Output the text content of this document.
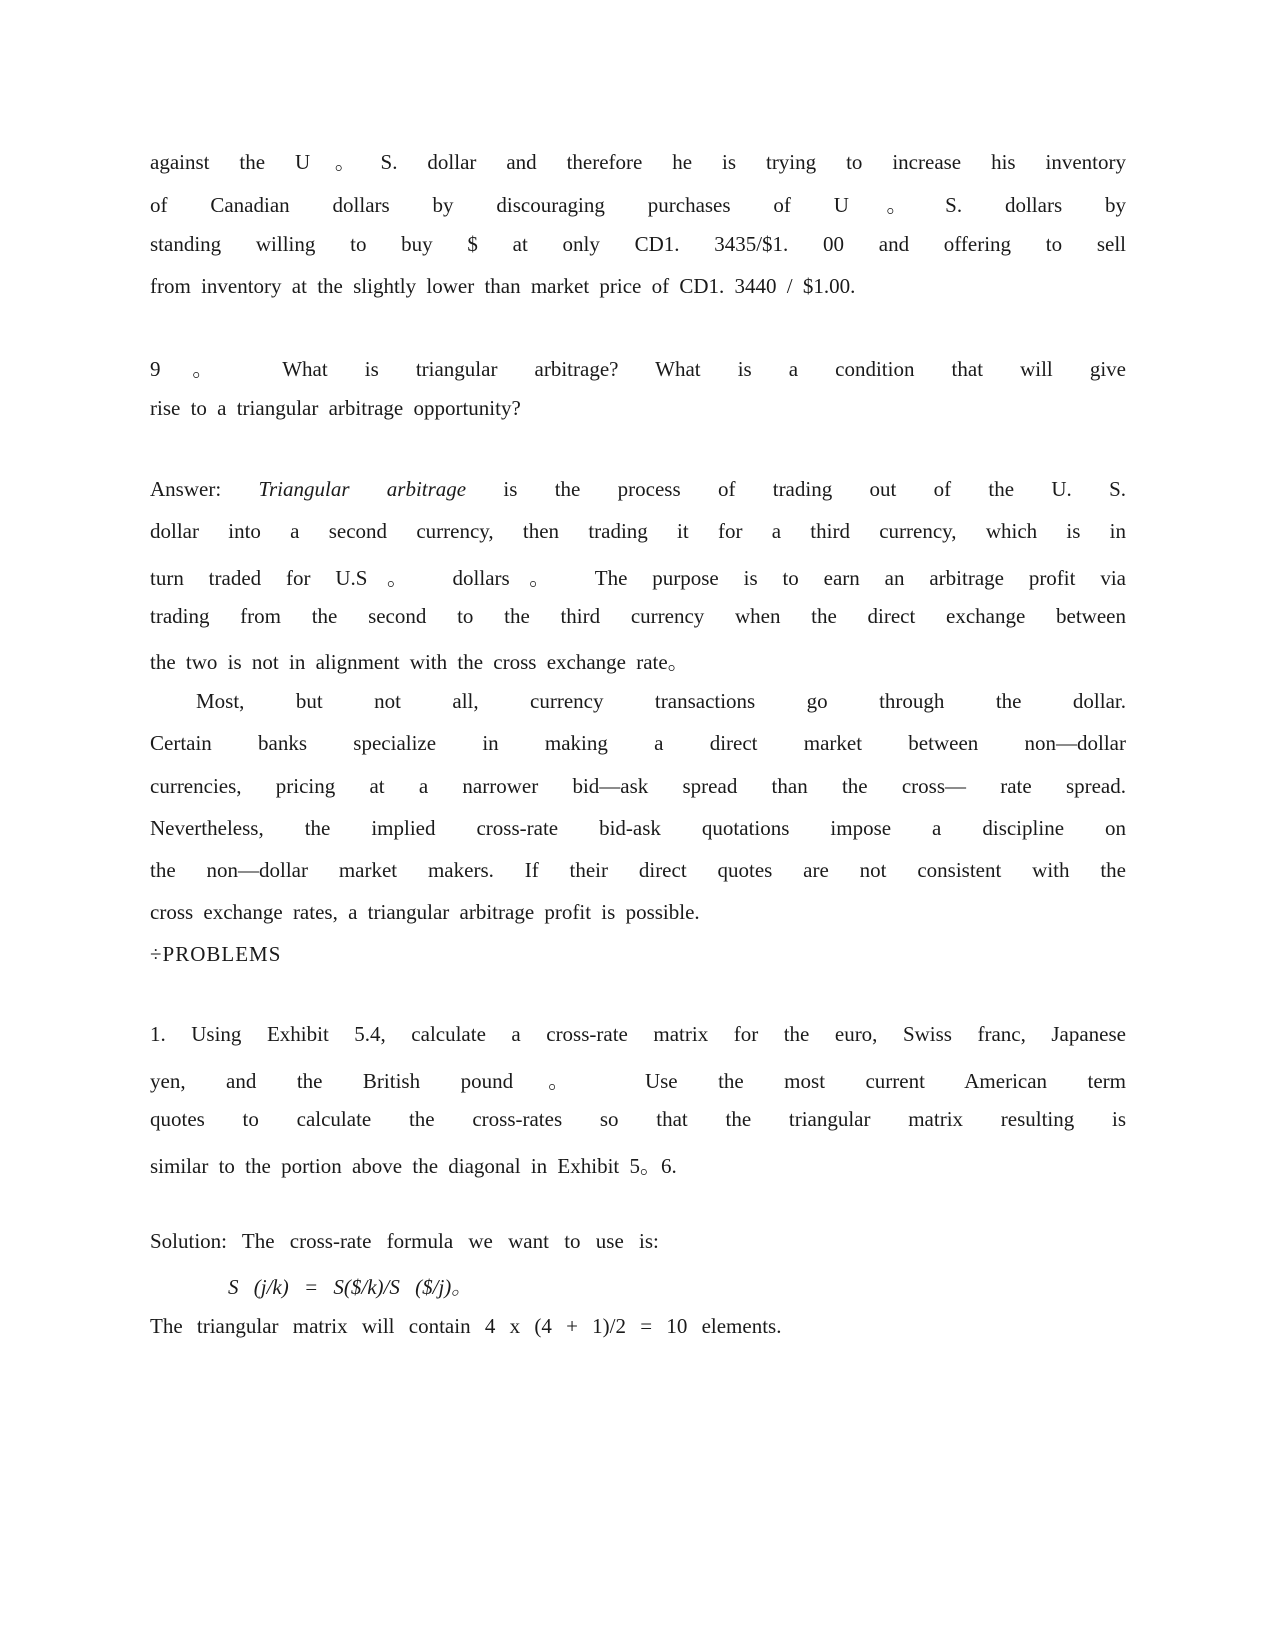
against the U。S. dollar and therefore he is trying to increase his inventory
of Canadian dollars by discouraging purchases of U。S. dollars by
standing willing to buy $ at only CD1. 3435/$1. 00 and offering to sell
from inventory at the slightly lower than market price of CD1. 3440 / $1.00.
9。 What is triangular arbitrage? What is a condition that will give
rise to a triangular arbitrage opportunity?
Answer: Triangular arbitrage is the process of trading out of the U. S.
dollar into a second currency, then trading it for a third currency, which is in
turn traded for U.S。 dollars。 The purpose is to earn an arbitrage profit via
trading from the second to the third currency when the direct exchange between
the two is not in alignment with the cross exchange rate。
Most, but not all, currency transactions go through the dollar.
Certain banks specialize in making a direct market between non—dollar
currencies, pricing at a narrower bid—ask spread than the cross— rate spread.
Nevertheless, the implied cross-rate bid-ask quotations impose a discipline on
the non—dollar market makers. If their direct quotes are not consistent with the
cross exchange rates, a triangular arbitrage profit is possible.
÷PROBLEMS
1. Using Exhibit 5.4, calculate a cross-rate matrix for the euro, Swiss franc, Japanese
yen, and the British pound。 Use the most current American term
quotes to calculate the cross-rates so that the triangular matrix resulting is
similar to the portion above the diagonal in Exhibit 5。6.
Solution: The cross-rate formula we want to use is:
S (j/k) = S($/k)/S ($/j)。
The triangular matrix will contain 4 x (4 + 1)/2 = 10 elements.
